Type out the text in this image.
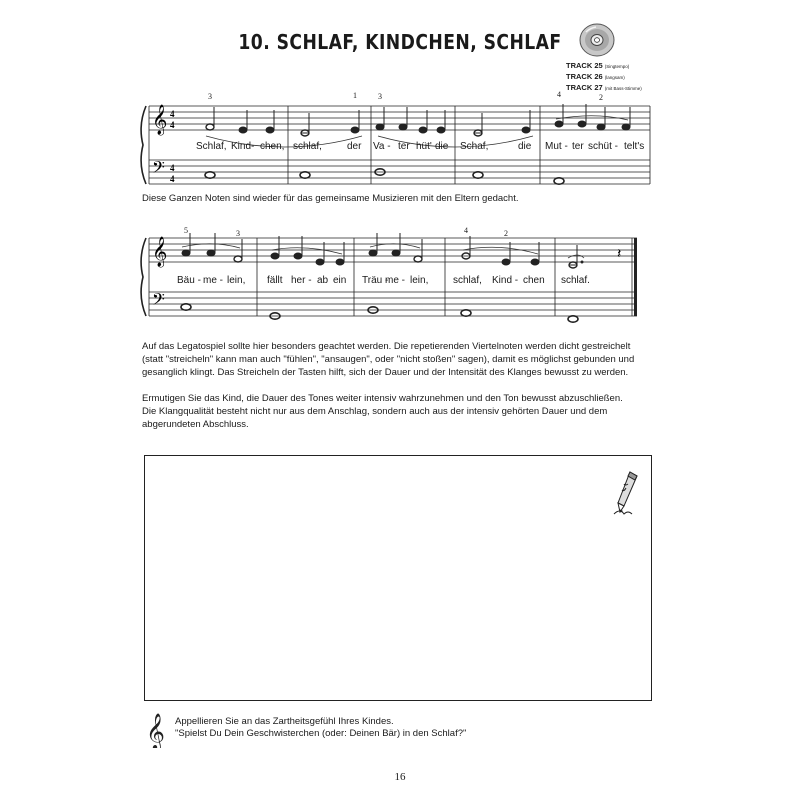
10. SCHLAF, KINDCHEN, SCHLAF
TRACK 25 (Singtempo)
TRACK 26 (langsam)
TRACK 27 (mit Bass-Stimme)
𝄞
𝄢
4
4
4
4
𝄞
𝄢
𝄽
3	1	3	4	2
Schlaf, Kind- chen, schlaf,	der Va - ter hüt' die Schaf,	die Mut - ter schüt - telt's
Diese Ganzen Noten sind wieder für das gemeinsame Musizieren mit den Eltern gedacht.
5	3	4	2
Bäu - me - lein, fällt her - ab ein Träu -
me - lein, schlaf, Kind - chen schlaf.
Auf das Legatospiel sollte hier besonders geachtet werden. Die repetierenden Viertelnoten werden dicht gestreichelt
(statt "streicheln" kann man auch "fühlen", "ansaugen", oder "nicht stoßen" sagen), damit es möglichst gebunden und
gesanglich klingt. Das Streicheln der Tasten hilft, sich der Dauer und der Intensität des Klanges bewusst zu werden.
Ermutigen Sie das Kind, die Dauer des Tones weiter intensiv wahrzunehmen und den Ton bewusst abzuschließen.
Die Klangqualität besteht nicht nur aus dem Anschlag, sondern auch aus der intensiv gehörten Dauer und dem
abgerundeten Abschluss.
𝄞 Appellieren Sie an das Zartheitsgefühl Ihres Kindes.
"Spielst Du Dein Geschwisterchen (oder: Deinen Bär) in den Schlaf?"
16
